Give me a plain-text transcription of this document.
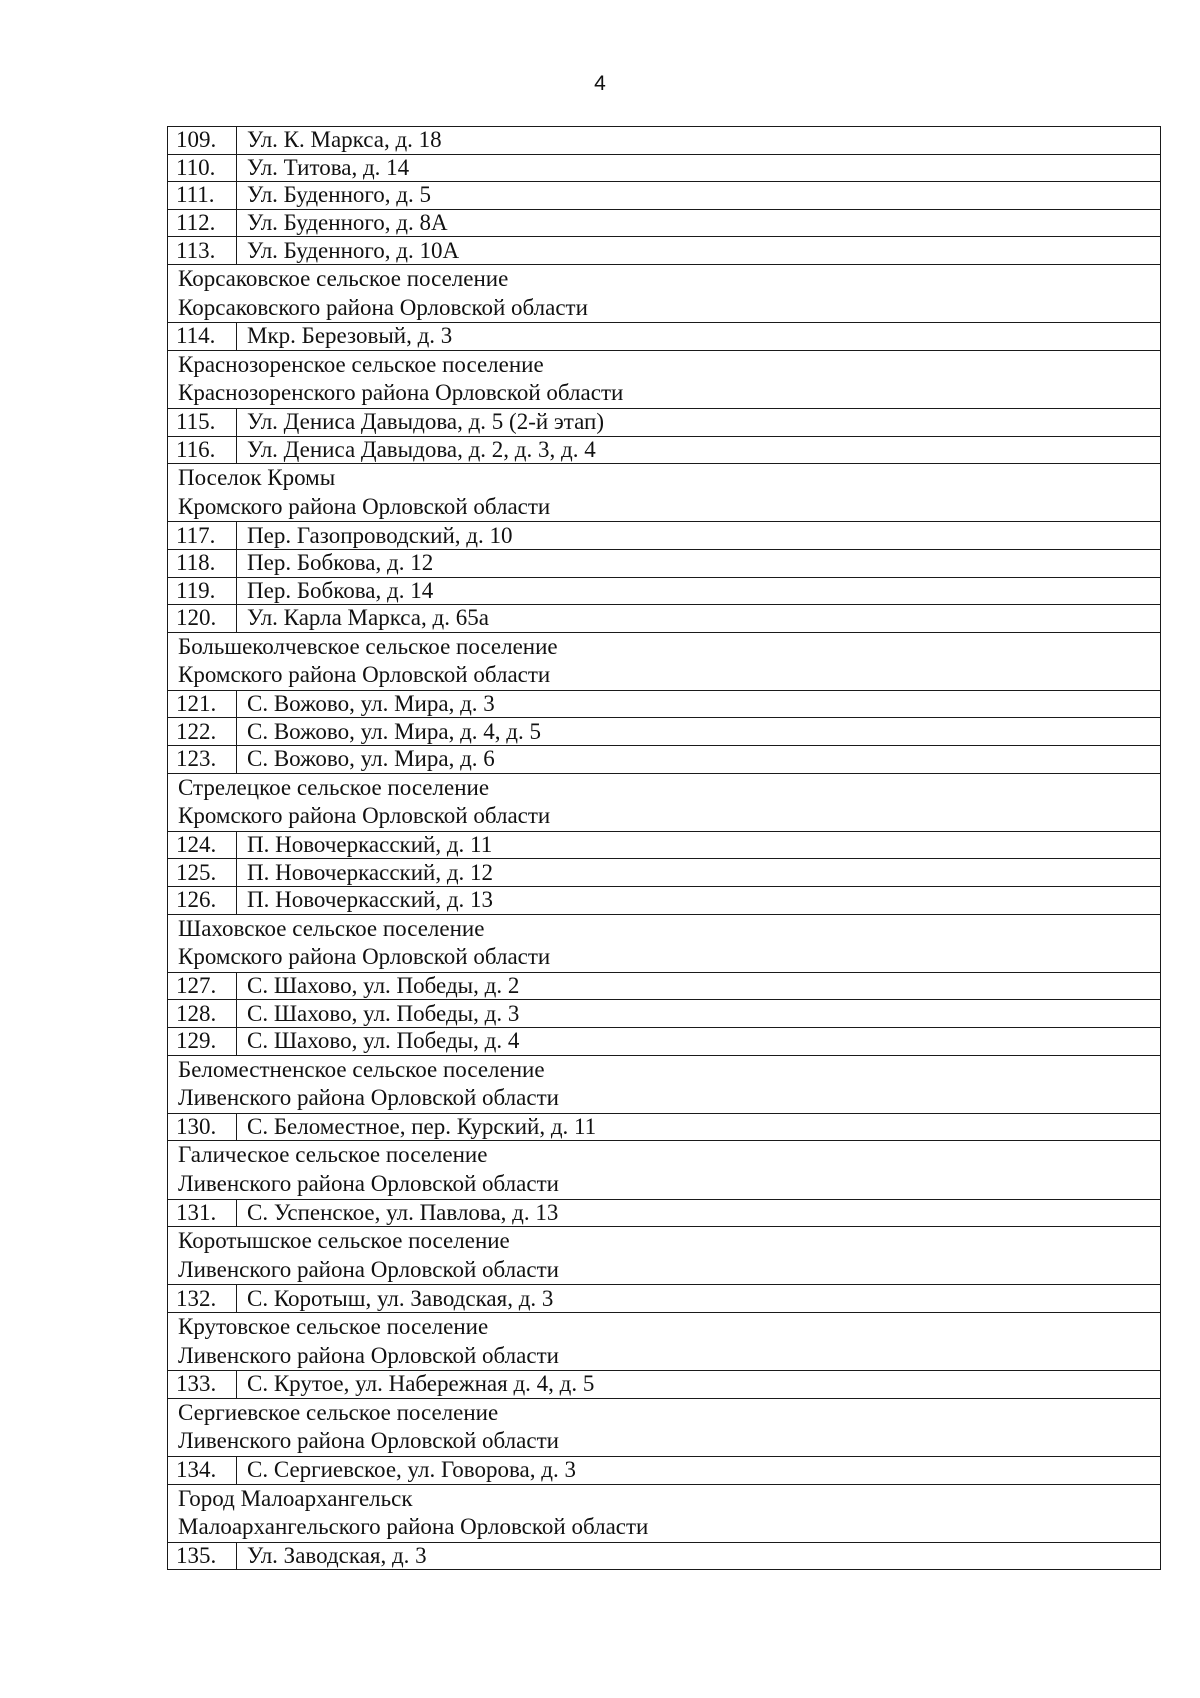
4
109.	Ул. К. Маркса, д. 18
110.	Ул. Титова, д. 14
111.	Ул. Буденного, д. 5
112.	Ул. Буденного, д. 8А
113.	Ул. Буденного, д. 10А

Корсаковское сельское поселение
Корсаковского района Орловской области	

114.	Мкр. Березовый, д. 3

Краснозоренское сельское поселение
Краснозоренского района Орловской области	

115.	Ул. Дениса Давыдова, д. 5 (2-й этап)
116.	Ул. Дениса Давыдова, д. 2, д. 3, д. 4

Поселок Кромы
Кромского района Орловской области	

117.	Пер. Газопроводский, д. 10
118.	Пер. Бобкова, д. 12
119.	Пер. Бобкова, д. 14
120.	Ул. Карла Маркса, д. 65а

Большеколчевское сельское поселение
Кромского района Орловской области	

121.	С. Вожово, ул. Мира, д. 3
122.	С. Вожово, ул. Мира, д. 4, д. 5
123.	С. Вожово, ул. Мира, д. 6

Стрелецкое сельское поселение
Кромского района Орловской области	

124.	П. Новочеркасский, д. 11
125.	П. Новочеркасский, д. 12
126.	П. Новочеркасский, д. 13

Шаховское сельское поселение
Кромского района Орловской области	

127.	С. Шахово, ул. Победы, д. 2
128.	С. Шахово, ул. Победы, д. 3
129.	С. Шахово, ул. Победы, д. 4

Беломестненское сельское поселение
Ливенского района Орловской области	

130.	С. Беломестное, пер. Курский, д. 11

Галическое сельское поселение
Ливенского района Орловской области	

131.	С. Успенское, ул. Павлова, д. 13

Коротышское сельское поселение
Ливенского района Орловской области	

132.	С. Коротыш, ул. Заводская, д. 3

Крутовское сельское поселение
Ливенского района Орловской области	

133.	С. Крутое, ул. Набережная д. 4, д. 5

Сергиевское сельское поселение
Ливенского района Орловской области	

134.	С. Сергиевское, ул. Говорова, д. 3

Город Малоархангельск
Малоархангельского района Орловской области	

135.	Ул. Заводская, д. 3
